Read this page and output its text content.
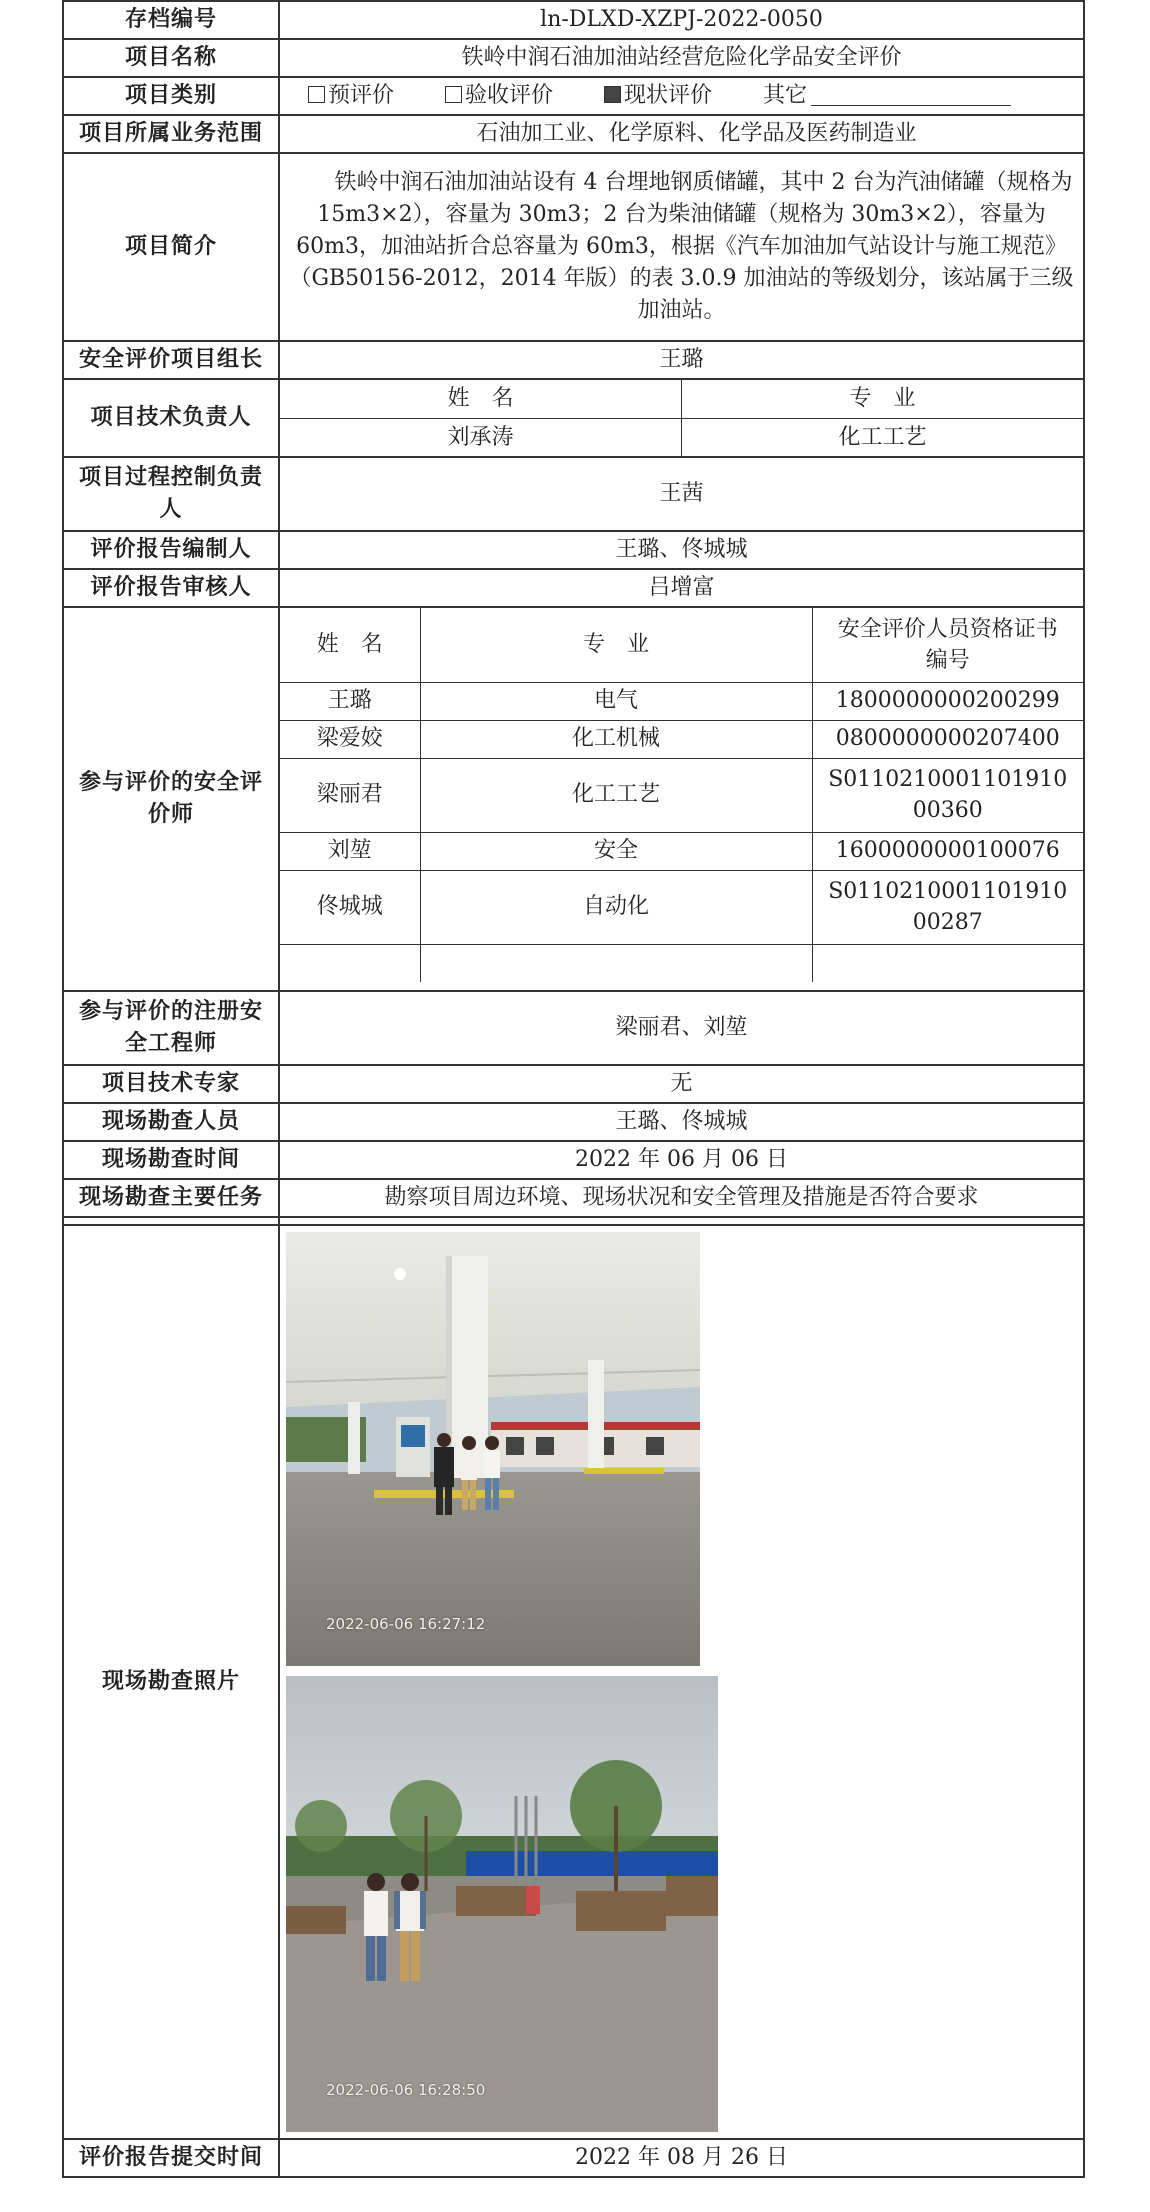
存档编号	ln-DLXD-XZPJ-2022-0050
项目名称	铁岭中润石油加油站经营危险化学品安全评价
项目类别	预评价	验收评价	现状评价 其它
项目所属业务范围	石油加工业、化学原料、化学品及医药制造业
项目简介	铁岭中润石油加油站设有 4 台埋地钢质储罐，其中 2 台为汽油储罐（规格为 15m3×2），容量为 30m3；2 台为柴油储罐（规格为 30m3×2），容量为 60m3，加油站折合总容量为 60m3，根据《汽车加油加气站设计与施工规范》（GB50156-2012，2014 年版）的表 3.0.9 加油站的等级划分，该站属于三级加油站。
安全评价项目组长	王璐
项目技术负责人	
姓　名	专　业
刘承涛	化工工艺

项目过程控制负责人	王茜
评价报告编制人	王璐、佟城城
评价报告审核人	吕增富
参与评价的安全评价师	
姓　名	专　业	安全评价人员资格证书编号
王璐	电气	1800000000200299
梁爱姣	化工机械	0800000000207400
梁丽君	化工工艺	S011021000110191000360
刘堃	安全	1600000000100076
佟城城	自动化	S011021000110191000287

参与评价的注册安全工程师	梁丽君、刘堃
项目技术专家	无
现场勘查人员	王璐、佟城城
现场勘查时间	2022 年 06 月 06 日
现场勘查主要任务	勘察项目周边环境、现场状况和安全管理及措施是否符合要求

现场勘查照片	
2022-06-06 16:27:12
2022-06-06 16:28:50

评价报告提交时间	2022 年 08 月 26 日
